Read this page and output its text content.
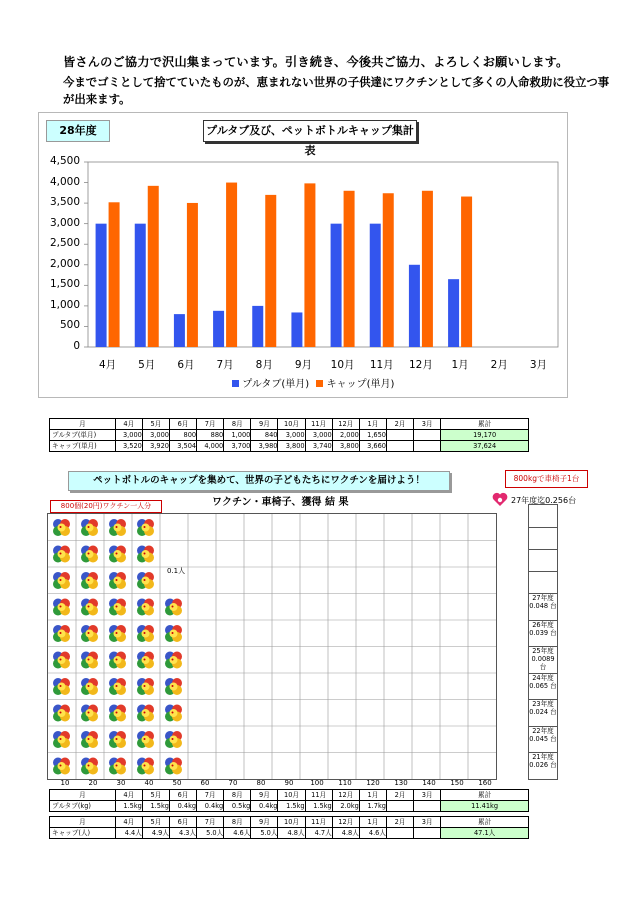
皆さんのご協力で沢山集まっています。引き続き、今後共ご協力、よろしくお願いします。
今までゴミとして捨てていたものが、恵まれない世界の子供達にワクチンとして多くの人命救助に役立つ事
が出来ます。
28年度	プルタブ及び、ペットボトルキャップ集計表
4,500
4,000
3,500
3,000
2,500
2,000
1,500
1,000
500
0
4月	5月	6月	7月	8月	9月	10月	11月	12月	1月	2月	3月
プルタブ(単月) キャップ(単月)
月	4月	5月	6月	7月	8月	9月	10月	11月	12月	1月	2月	3月	累計
プルタブ(単月)	3,000	3,000	800	880	1,000	840	3,000	3,000	2,000	1,650			19,170
キャップ(単月)	3,520	3,920	3,504	4,000	3,700	3,980	3,800	3,740	3,800	3,660			37,624
ペットボトルのキャップを集めて、世界の子どもたちにワクチンを届けよう！	800kgで車椅子1台
ワクチン・車椅子、獲得 結 果
800個(20円)ワクチン一人分
27年度迄0.256台
0.1人
27年度 0.048 台
26年度 0.039 台
25年度 0.0089 台
24年度 0.065 台
23年度 0.024 台
22年度 0.045 台
21年度 0.026 台
10	20	30	40	50	60	70	80	90	100	110	120	130	140	150	160
月	4月	5月	6月	7月	8月	9月	10月	11月	12月	1月	2月	3月	累計
プルタブ(kg)	1.5kg	1.5kg	0.4kg	0.4kg	0.5kg	0.4kg	1.5kg	1.5kg	2.0kg	1.7kg			11.41kg
月	4月	5月	6月	7月	8月	9月	10月	11月	12月	1月	2月	3月	累計
キャップ(人)	4.4人	4.9人	4.3人	5.0人	4.6人	5.0人	4.8人	4.7人	4.8人	4.6人			47.1人
